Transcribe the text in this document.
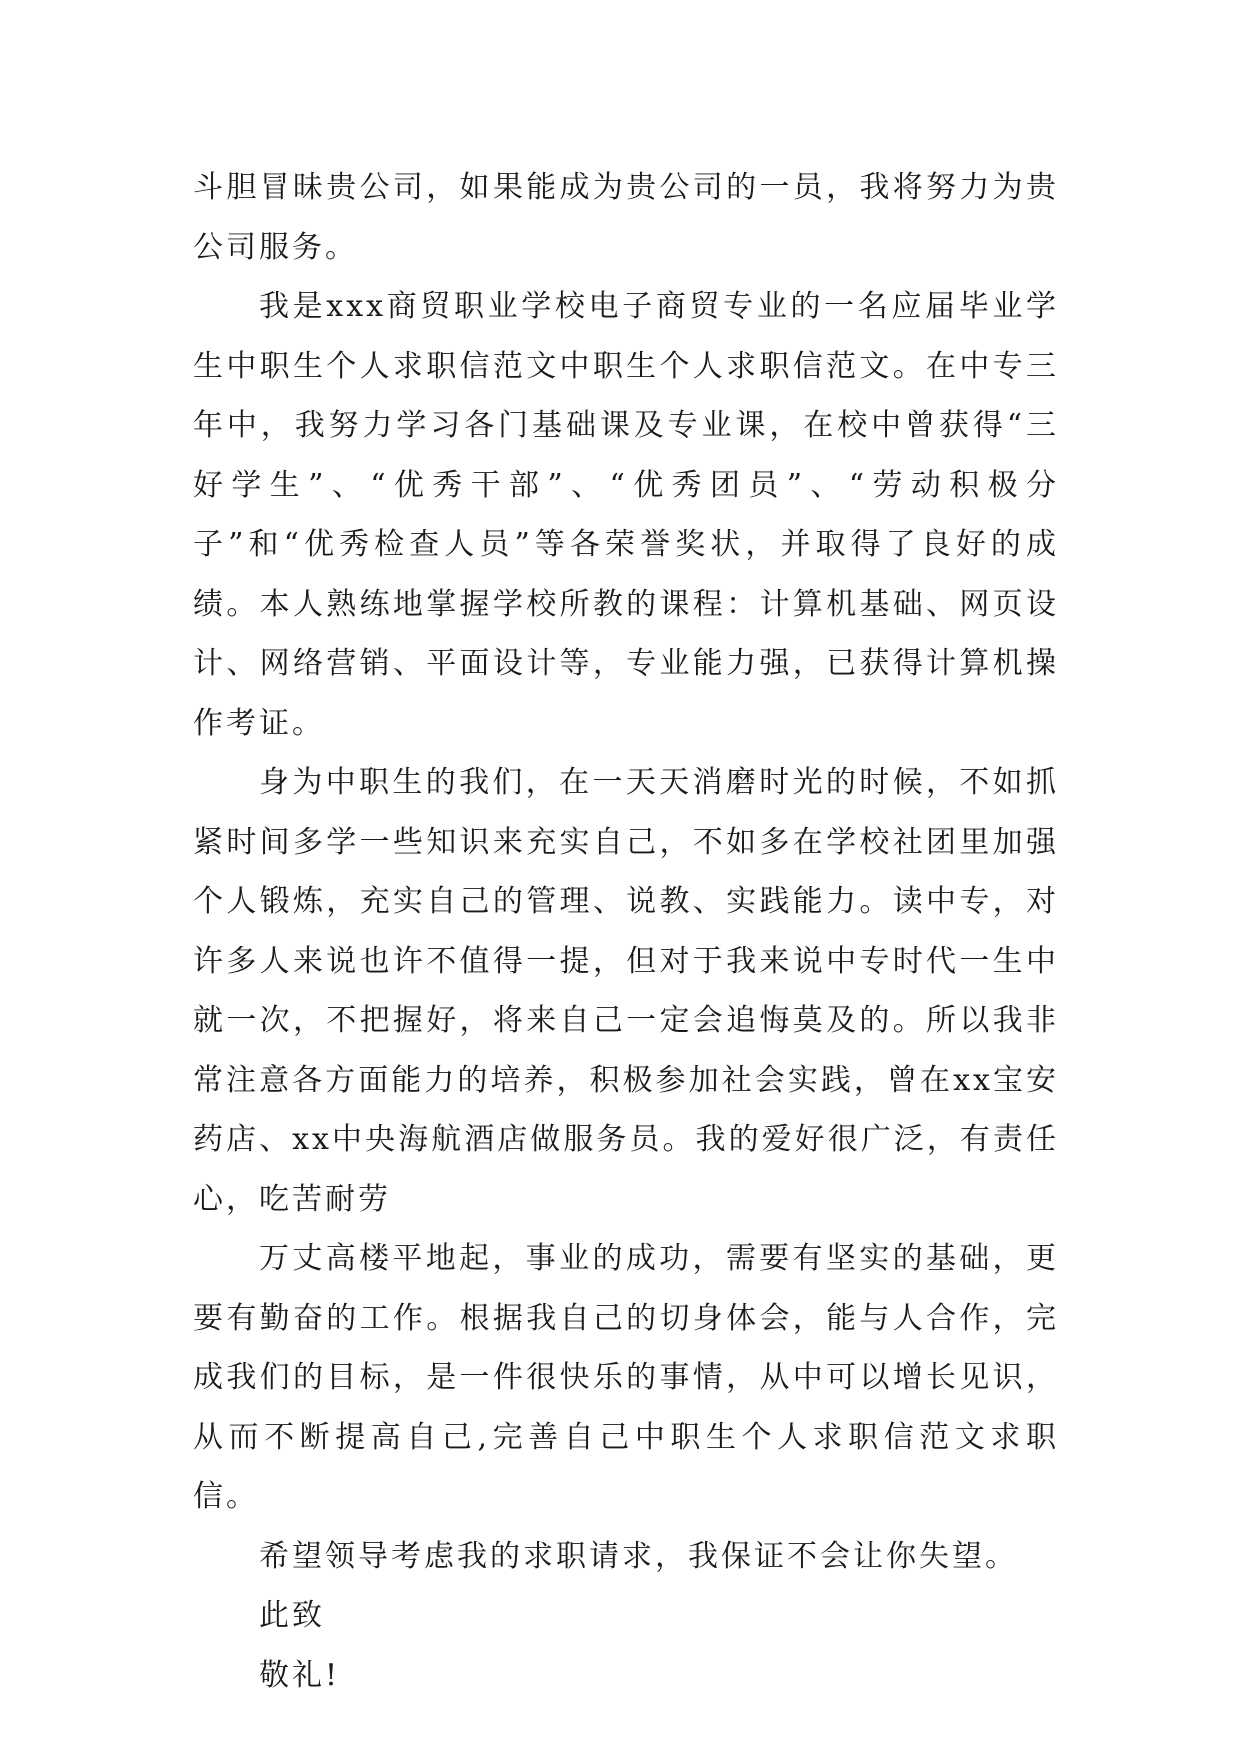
斗胆冒昧贵公司，如果能成为贵公司的一员，我将努力为贵公司服务。

我是xxx商贸职业学校电子商贸专业的一名应届毕业学生中职生个人求职信范文中职生个人求职信范文。在中专三年中，我努力学习各门基础课及专业课，在校中曾获得“三好学生”、“优秀干部”、“优秀团员”、“劳动积极分子”和“优秀检查人员”等各荣誉奖状，并取得了良好的成绩。本人熟练地掌握学校所教的课程：计算机基础、网页设计、网络营销、平面设计等，专业能力强，已获得计算机操作考证。

身为中职生的我们，在一天天消磨时光的时候，不如抓紧时间多学一些知识来充实自己，不如多在学校社团里加强个人锻炼，充实自己的管理、说教、实践能力。读中专，对许多人来说也许不值得一提，但对于我来说中专时代一生中就一次，不把握好，将来自己一定会追悔莫及的。所以我非常注意各方面能力的培养，积极参加社会实践，曾在xx宝安药店、xx中央海航酒店做服务员。我的爱好很广泛，有责任心，吃苦耐劳

万丈高楼平地起，事业的成功，需要有坚实的基础，更要有勤奋的工作。根据我自己的切身体会，能与人合作，完成我们的目标，是一件很快乐的事情，从中可以增长见识，从而不断提高自己,完善自己中职生个人求职信范文求职信。

希望领导考虑我的求职请求，我保证不会让你失望。

此致

敬礼!
